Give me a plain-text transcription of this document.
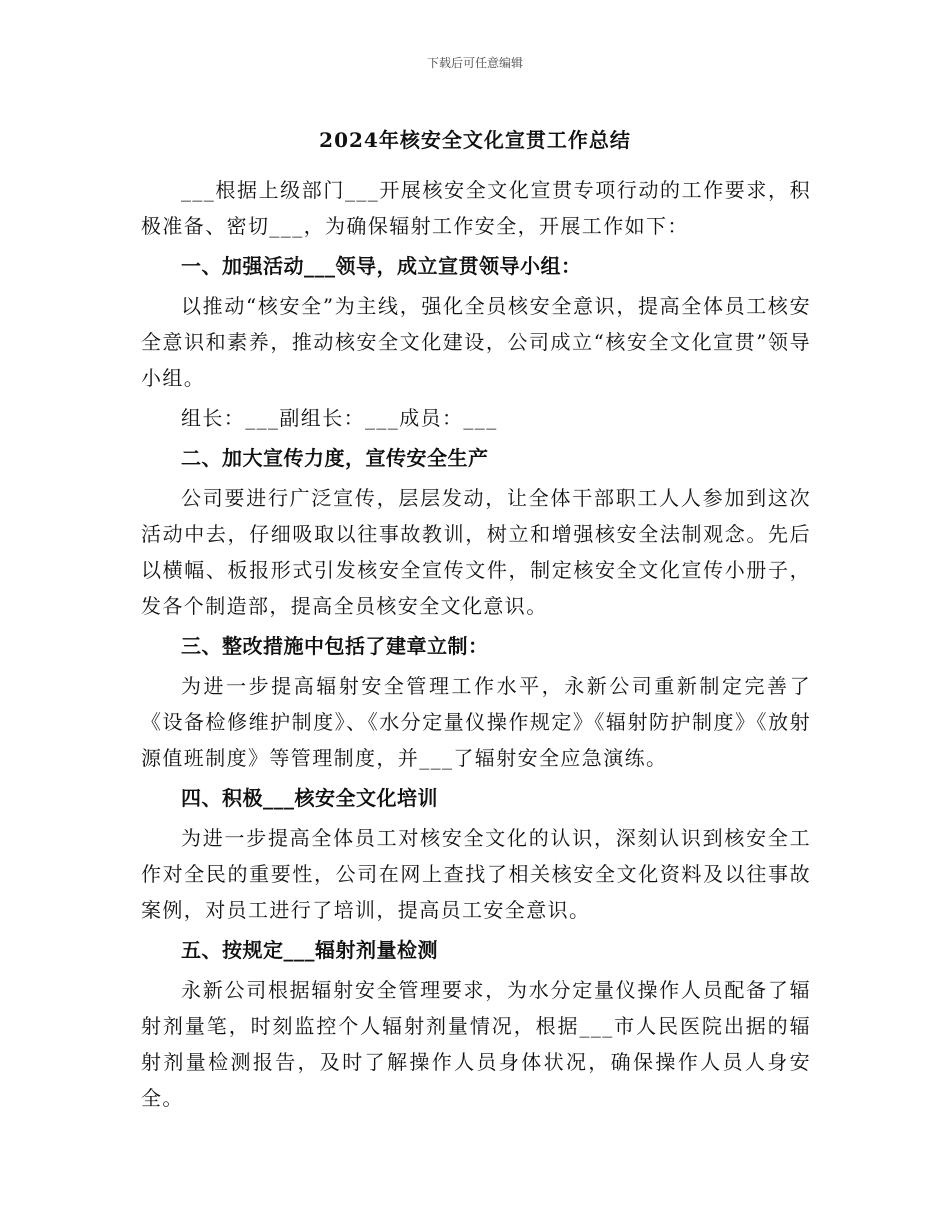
下载后可任意编辑
2024年核安全文化宣贯工作总结

___根据上级部门___开展核安全文化宣贯专项行动的工作要求，积极准备、密切___，为确保辐射工作安全，开展工作如下：

一、加强活动___领导，成立宣贯领导小组：

以推动“核安全”为主线，强化全员核安全意识，提高全体员工核安全意识和素养，推动核安全文化建设，公司成立“核安全文化宣贯”领导小组。

组长：___副组长：___成员：___

二、加大宣传力度，宣传安全生产

公司要进行广泛宣传，层层发动，让全体干部职工人人参加到这次活动中去，仔细吸取以往事故教训，树立和增强核安全法制观念。先后以横幅、板报形式引发核安全宣传文件，制定核安全文化宣传小册子，发各个制造部，提高全员核安全文化意识。

三、整改措施中包括了建章立制：

为进一步提高辐射安全管理工作水平，永新公司重新制定完善了《设备检修维护制度》、《水分定量仪操作规定》《辐射防护制度》《放射源值班制度》等管理制度，并___了辐射安全应急演练。

四、积极___核安全文化培训

为进一步提高全体员工对核安全文化的认识，深刻认识到核安全工作对全民的重要性，公司在网上查找了相关核安全文化资料及以往事故案例，对员工进行了培训，提高员工安全意识。

五、按规定___辐射剂量检测

永新公司根据辐射安全管理要求，为水分定量仪操作人员配备了辐射剂量笔，时刻监控个人辐射剂量情况，根据___市人民医院出据的辐射剂量检测报告，及时了解操作人员身体状况，确保操作人员人身安全。
